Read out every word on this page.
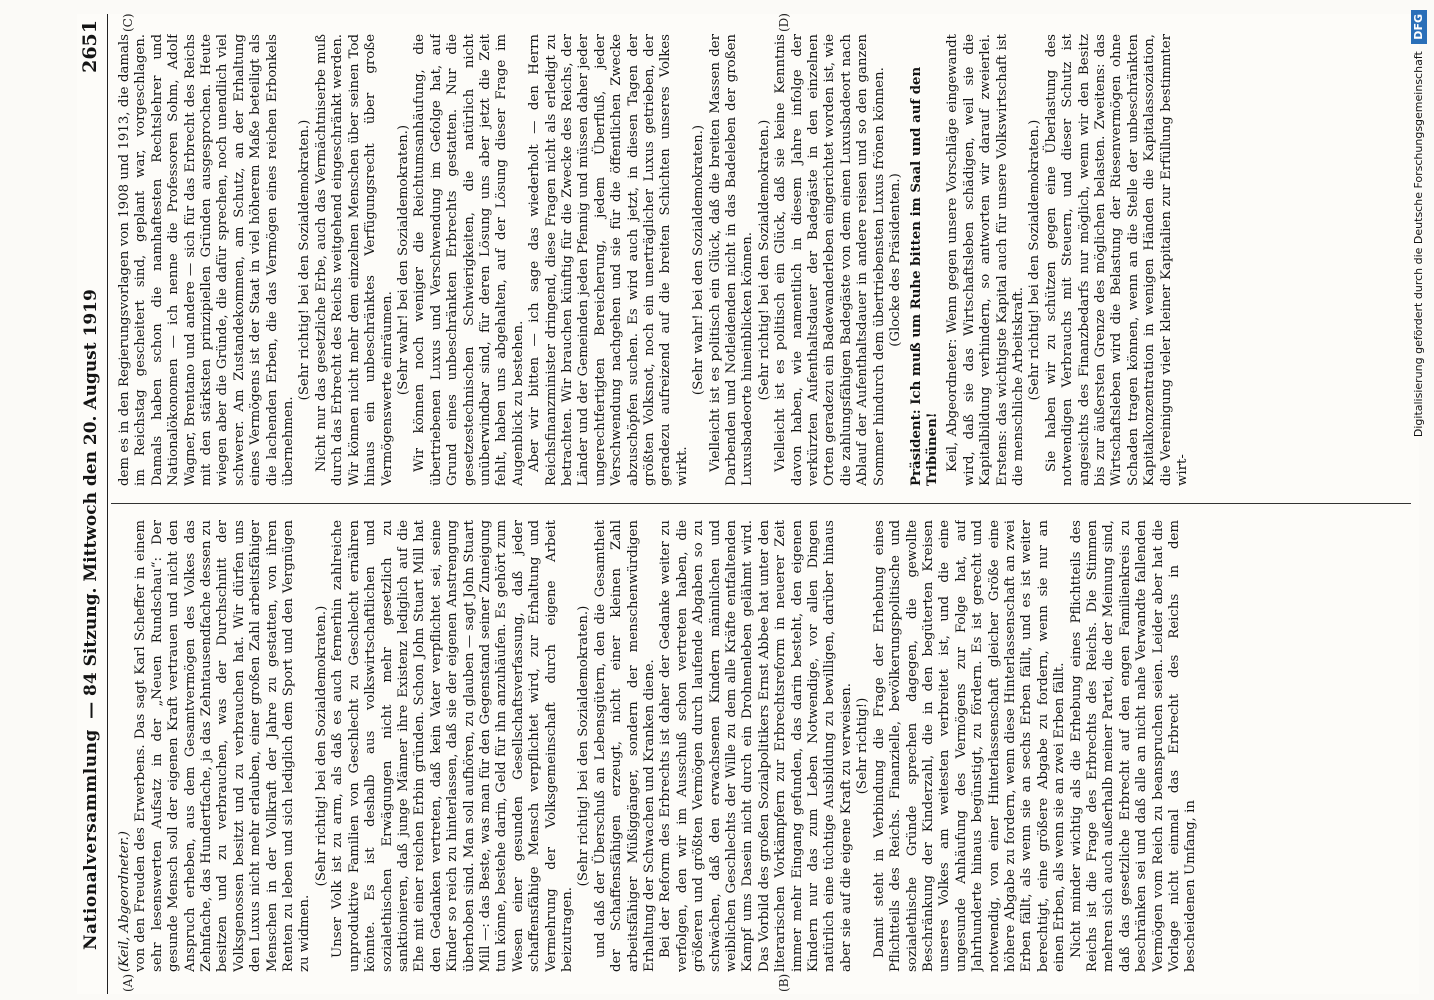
Nationalversammlung
— 84 Sitzung. Mittwoch den 20. August 1919
2651
(A)	(B)
(C)	(D)

(Keil, Abgeordneter.) von den Freuden des Erwerbens. Das sagt Karl Scheffer in einem sehr lesenswerten Aufsatz in der „Neuen Rundschau“: Der gesunde Mensch soll der eigenen Kraft vertrauen und nicht den Anspruch erheben, aus dem Gesamtvermögen des Volkes das Zehnfache, das Hundertfache, ja das Zehntausendfache dessen zu besitzen und zu verbrauchen, was der Durchschnitt der Volksgenossen besitzt und zu verbrauchen hat. Wir dürfen uns den Luxus nicht mehr erlauben, einer großen Zahl arbeitsfähiger Menschen in der Vollkraft der Jahre zu gestatten, von ihren Renten zu leben und sich lediglich dem Sport und den Vergnügen zu widmen.

(Sehr richtig! bei den Sozialdemokraten.) Unser Volk ist zu arm, als daß es auch fernerhin zahlreiche unproduktive Familien von Geschlecht zu Geschlecht ernähren könnte. Es ist deshalb aus volkswirtschaftlichen und sozialethischen Erwägungen nicht mehr gesetzlich zu sanktionieren, daß junge Männer ihre Existenz lediglich auf die Ehe mit einer reichen Erbin gründen. Schon John Stuart Mill hat den Gedanken vertreten, daß kein Vater verpflichtet sei, seine Kinder so reich zu hinterlassen, daß sie der eigenen Anstrengung überhoben sind. Man soll aufhören, zu glauben — sagt John Stuart Mill —: das Beste, was man für den Gegenstand seiner Zuneigung tun könne, bestehe darin, Geld für ihn anzuhäufen. Es gehört zum Wesen einer gesunden Gesellschaftsverfassung, daß jeder schaffensfähige Mensch verpflichtet wird, zur Erhaltung und Vermehrung der Volksgemeinschaft durch eigene Arbeit beizutragen.

(Sehr richtig! bei den Sozialdemokraten.) und daß der Überschuß an Lebensgütern, den die Gesamtheit der Schaffensfähigen erzeugt, nicht einer kleinen Zahl arbeitsfähiger Müßiggänger, sondern der menschenwürdigen Erhaltung der Schwachen und Kranken diene. Bei der Reform des Erbrechts ist daher der Gedanke weiter zu verfolgen, den wir im Ausschuß schon vertreten haben, die größeren und größten Vermögen durch laufende Abgaben so zu schwächen, daß den erwachsenen Kindern männlichen und weiblichen Geschlechts der Wille zu dem alle Kräfte entfaltenden Kampf ums Dasein nicht durch ein Drohnenleben gelähmt wird. Das Vorbild des großen Sozialpolitikers Ernst Abbee hat unter den literarischen Vorkämpfern zur Erbrechtsreform in neuerer Zeit immer mehr Eingang gefunden, das darin besteht, den eigenen Kindern nur das zum Leben Notwendige, vor allen Dingen natürlich eine tüchtige Ausbildung zu bewilligen, darüber hinaus aber sie auf die eigene Kraft zu verweisen. (Sehr richtig!) Damit steht in Verbindung die Frage der Erhebung eines Pflichtteils des Reichs. Finanzielle, bevölkerungspolitische und sozialethische Gründe sprechen dagegen, die gewollte Beschränkung der Kinderzahl, die in den begüterten Kreisen unseres Volkes am weitesten verbreitet ist, und die eine ungesunde Anhäufung des Vermögens zur Folge hat, auf Jahrhunderte hinaus begünstigt, zu fördern. Es ist gerecht und notwendig, von einer Hinterlassenschaft gleicher Größe eine höhere Abgabe zu fordern, wenn diese Hinterlassenschaft an zwei Erben fällt, als wenn sie an sechs Erben fällt, und es ist weiter berechtigt, eine größere Abgabe zu fordern, wenn sie nur an einen Erben, als wenn sie an zwei Erben fällt. Nicht minder wichtig als die Erhebung eines Pflichtteils des Reichs ist die Frage des Erbrechts des Reichs. Die Stimmen mehren sich auch außerhalb meiner Partei, die der Meinung sind, daß das gesetzliche Erbrecht auf den engen Familienkreis zu beschränken sei und daß alle an nicht nahe Verwandte fallenden Vermögen vom Reich zu beanspruchen seien. Leider aber hat die Vorlage nicht einmal das Erbrecht des Reichs in dem bescheidenen Umfang, in

dem es in den Regierungsvorlagen von 1908 und 1913, die damals im Reichstag gescheitert sind, geplant war, vorgeschlagen. Damals haben schon die namhaftesten Rechtslehrer und Nationalökonomen — ich nenne die Professoren Sohm, Adolf Wagner, Brentano und andere — sich für das Erbrecht des Reichs mit den stärksten prinzipiellen Gründen ausgesprochen. Heute wiegen aber die Gründe, die dafür sprechen, noch unendlich viel schwerer. Am Zustandekommen, am Schutz, an der Erhaltung eines Vermögens ist der Staat in viel höherem Maße beteiligt als die lachenden Erben, die das Vermögen eines reichen Erbonkels übernehmen.

(Sehr richtig! bei den Sozialdemokraten.) Nicht nur das gesetzliche Erbe, auch das Vermächtniserbe muß durch das Erbrecht des Reichs weitgehend eingeschränkt werden. Wir können nicht mehr dem einzelnen Menschen über seinen Tod hinaus ein unbeschränktes Verfügungsrecht über große Vermögenswerte einräumen. (Sehr wahr! bei den Sozialdemokraten.) Wir können noch weniger die Reichtumsanhäufung, die übertriebenen Luxus und Verschwendung im Gefolge hat, auf Grund eines unbeschränkten Erbrechts gestatten. Nur die gesetzestechnischen Schwierigkeiten, die natürlich nicht unüberwindbar sind, für deren Lösung uns aber jetzt die Zeit fehlt, haben uns abgehalten, auf der Lösung dieser Frage im Augenblick zu bestehen. Aber wir bitten — ich sage das wiederholt — den Herrn Reichsfinanzminister dringend, diese Fragen nicht als erledigt zu betrachten. Wir brauchen künftig für die Zwecke des Reichs, der Länder und der Gemeinden jeden Pfennig und müssen daher jeder ungerechtfertigten Bereicherung, jedem Überfluß, jeder Verschwendung nachgehen und sie für die öffentlichen Zwecke abzuschöpfen suchen. Es wird auch jetzt, in diesen Tagen der größten Volksnot, noch ein unerträglicher Luxus getrieben, der geradezu aufreizend auf die breiten Schichten unseres Volkes wirkt.

(Sehr wahr! bei den Sozialdemokraten.) Vielleicht ist es politisch ein Glück, daß die breiten Massen der Darbenden und Notleidenden nicht in das Badeleben der großen Luxusbadeorte hineinblicken können. (Sehr richtig! bei den Sozialdemokraten.) Vielleicht ist es politisch ein Glück, daß sie keine Kenntnis davon haben, wie namentlich in diesem Jahre infolge der verkürzten Aufenthaltsdauer der Badegäste in den einzelnen Orten geradezu ein Badewanderleben eingerichtet worden ist, wie die zahlungsfähigen Badegäste von dem einen Luxusbadeort nach Ablauf der Aufenthaltsdauer in andere reisen und so den ganzen Sommer hindurch dem übertriebensten Luxus frönen können. (Glocke des Präsidenten.) Präsident: Ich muß um Ruhe bitten im Saal und auf den Tribünen! Keil, Abgeordneter: Wenn gegen unsere Vorschläge eingewandt wird, daß sie das Wirtschaftsleben schädigen, weil sie die Kapitalbildung verhindern, so antworten wir darauf zweierlei. Erstens: das wichtigste Kapital auch für unsere Volkswirtschaft ist die menschliche Arbeitskraft. (Sehr richtig! bei den Sozialdemokraten.) Sie haben wir zu schützen gegen eine Überlastung des notwendigen Verbrauchs mit Steuern, und dieser Schutz ist angesichts des Finanzbedarfs nur möglich, wenn wir den Besitz bis zur äußersten Grenze des möglichen belasten. Zweitens: das Wirtschaftsleben wird die Belastung der Riesenvermögen ohne Schaden tragen können, wenn an die Stelle der unbeschränkten Kapitalkonzentration in wenigen Händen die Kapitalassoziation, die Vereinigung vieler kleiner Kapitalien zur Erfüllung bestimmter wirt-

Digitalisierung gefördert durch die Deutsche Forschungsgemeinschaft DFG
